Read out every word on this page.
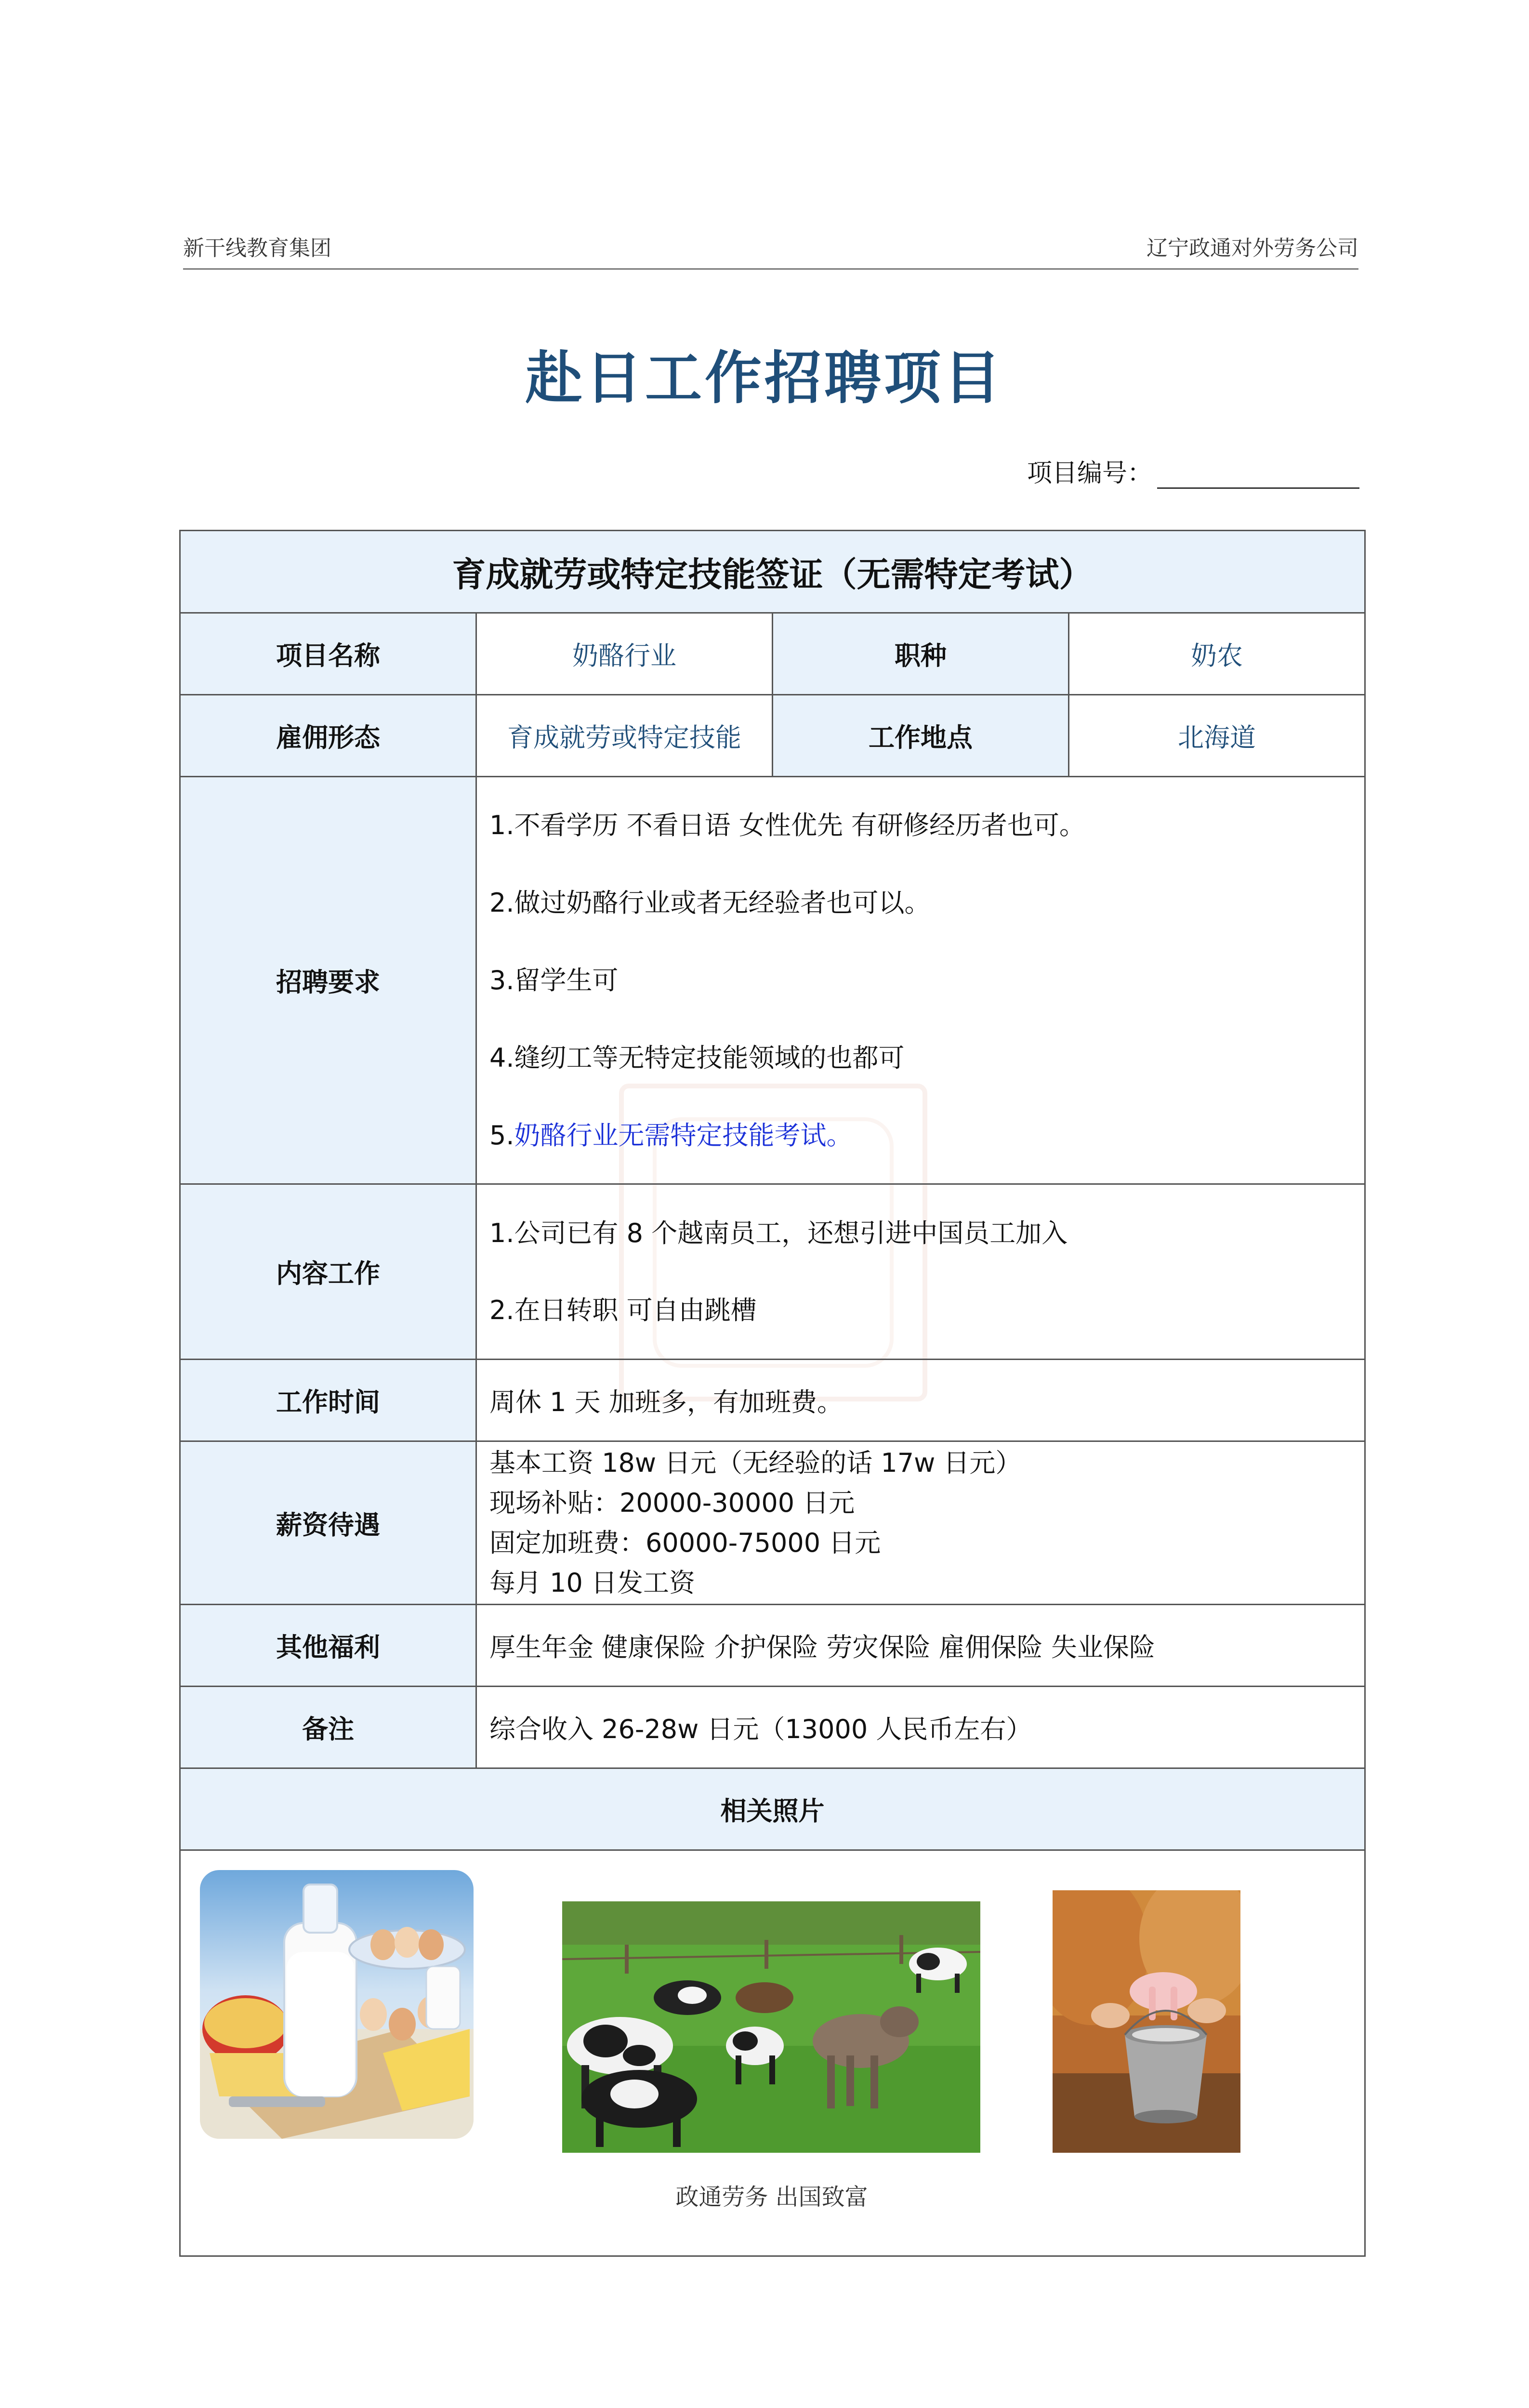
新干线教育集团	辽宁政通对外劳务公司
赴日工作招聘项目
项目编号：
育成就劳或特定技能签证（无需特定考试）			
项目名称	奶酪行业	职种	奶农
雇佣形态	育成就劳或特定技能	工作地点	北海道
招聘要求	1.不看学历 不看日语 女性优先 有研修经历者也可。

2.做过奶酪行业或者无经验者也可以。

3.留学生可

4.缝纫工等无特定技能领域的也都可

5.奶酪行业无需特定技能考试。		

内容工作	1.公司已有 8 个越南员工，还想引进中国员工加入

2.在日转职 可自由跳槽		

工作时间	周休 1 天 加班多，有加班费。		
薪资待遇	基本工资 18w 日元（无经验的话 17w 日元）
现场补贴：20000-30000 日元
固定加班费：60000-75000 日元
每月 10 日发工资		

其他福利	厚生年金 健康保险 介护保险 劳灾保险 雇佣保险 失业保险		
备注	综合收入 26-28w 日元（13000 人民币左右）		
相关照片			

政通劳务 出国致富			
